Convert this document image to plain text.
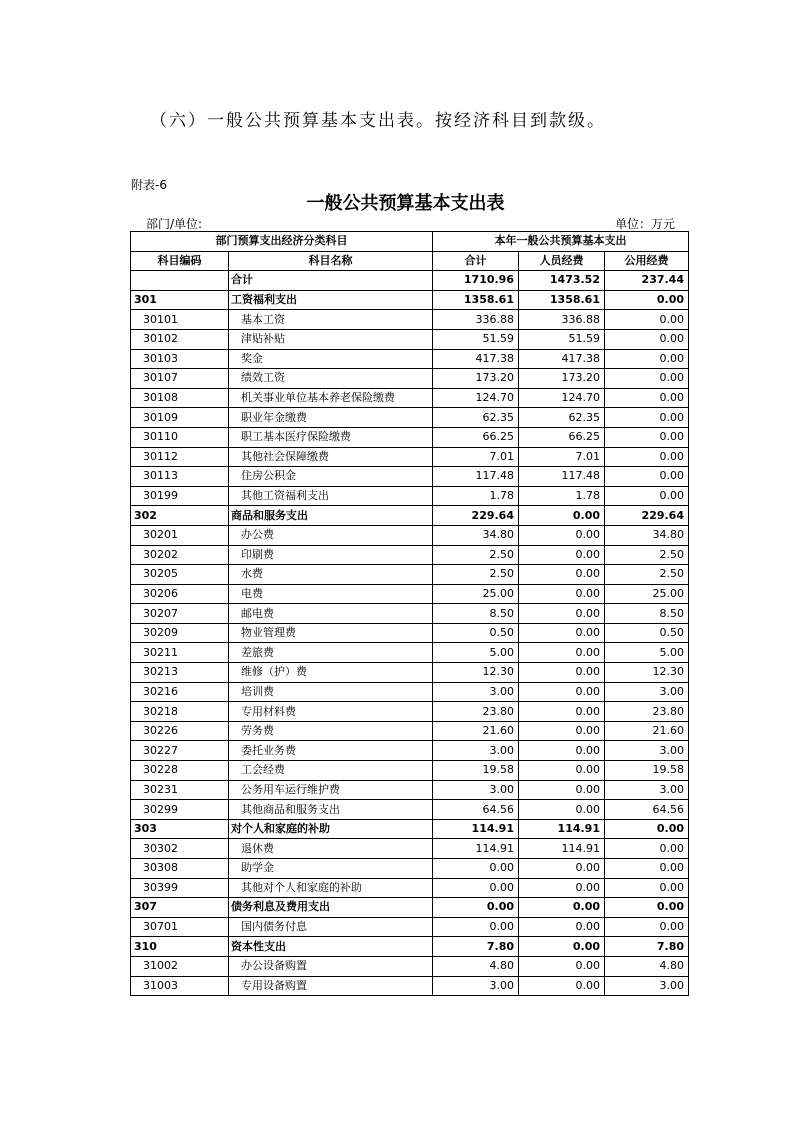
（六）一般公共预算基本支出表。按经济科目到款级。
附表-6
一般公共预算基本支出表
部门/单位:	单位：万元
部门预算支出经济分类科目		本年一般公共预算基本支出		
科目编码	科目名称	合计	人员经费	公用经费
	合计	1710.96	1473.52	237.44
301	工资福利支出	1358.61	1358.61	0.00
30101	基本工资	336.88	336.88	0.00
30102	津贴补贴	51.59	51.59	0.00
30103	奖金	417.38	417.38	0.00
30107	绩效工资	173.20	173.20	0.00
30108	机关事业单位基本养老保险缴费	124.70	124.70	0.00
30109	职业年金缴费	62.35	62.35	0.00
30110	职工基本医疗保险缴费	66.25	66.25	0.00
30112	其他社会保障缴费	7.01	7.01	0.00
30113	住房公积金	117.48	117.48	0.00
30199	其他工资福利支出	1.78	1.78	0.00
302	商品和服务支出	229.64	0.00	229.64
30201	办公费	34.80	0.00	34.80
30202	印刷费	2.50	0.00	2.50
30205	水费	2.50	0.00	2.50
30206	电费	25.00	0.00	25.00
30207	邮电费	8.50	0.00	8.50
30209	物业管理费	0.50	0.00	0.50
30211	差旅费	5.00	0.00	5.00
30213	维修（护）费	12.30	0.00	12.30
30216	培训费	3.00	0.00	3.00
30218	专用材料费	23.80	0.00	23.80
30226	劳务费	21.60	0.00	21.60
30227	委托业务费	3.00	0.00	3.00
30228	工会经费	19.58	0.00	19.58
30231	公务用车运行维护费	3.00	0.00	3.00
30299	其他商品和服务支出	64.56	0.00	64.56
303	对个人和家庭的补助	114.91	114.91	0.00
30302	退休费	114.91	114.91	0.00
30308	助学金	0.00	0.00	0.00
30399	其他对个人和家庭的补助	0.00	0.00	0.00
307	债务利息及费用支出	0.00	0.00	0.00
30701	国内债务付息	0.00	0.00	0.00
310	资本性支出	7.80	0.00	7.80
31002	办公设备购置	4.80	0.00	4.80
31003	专用设备购置	3.00	0.00	3.00
